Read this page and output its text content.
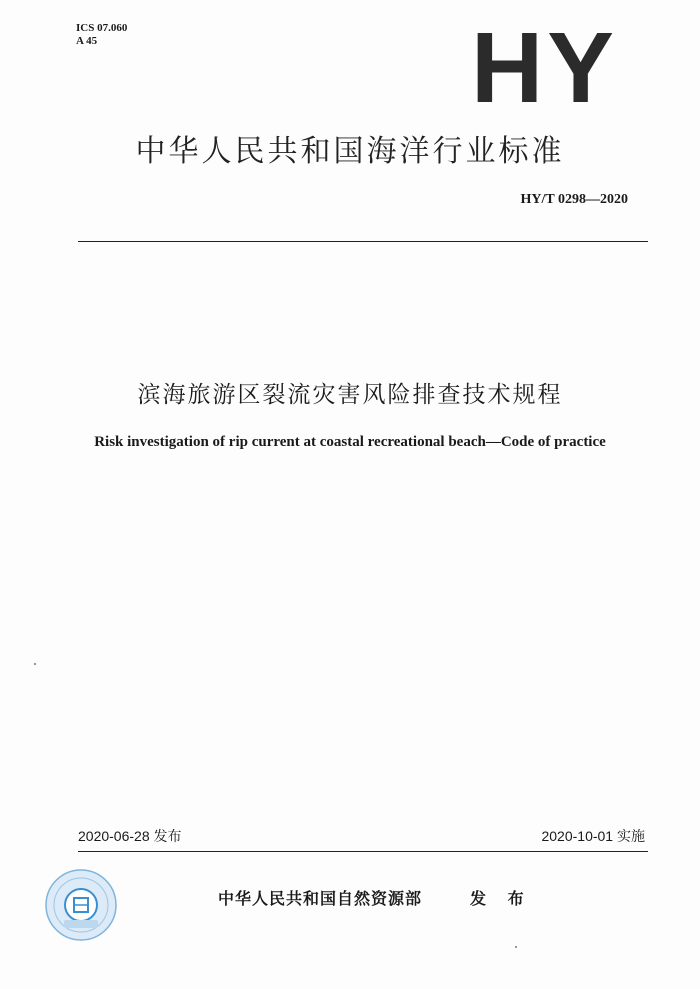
ICS 07.060
A 45	HY
中华人民共和国海洋行业标准
HY/T 0298—2020
滨海旅游区裂流灾害风险排查技术规程
Risk investigation of rip current at coastal recreational beach—Code of practice
2020-06-28 发布	2020-10-01 实施
中华人民共和国自然资源部	发 布
